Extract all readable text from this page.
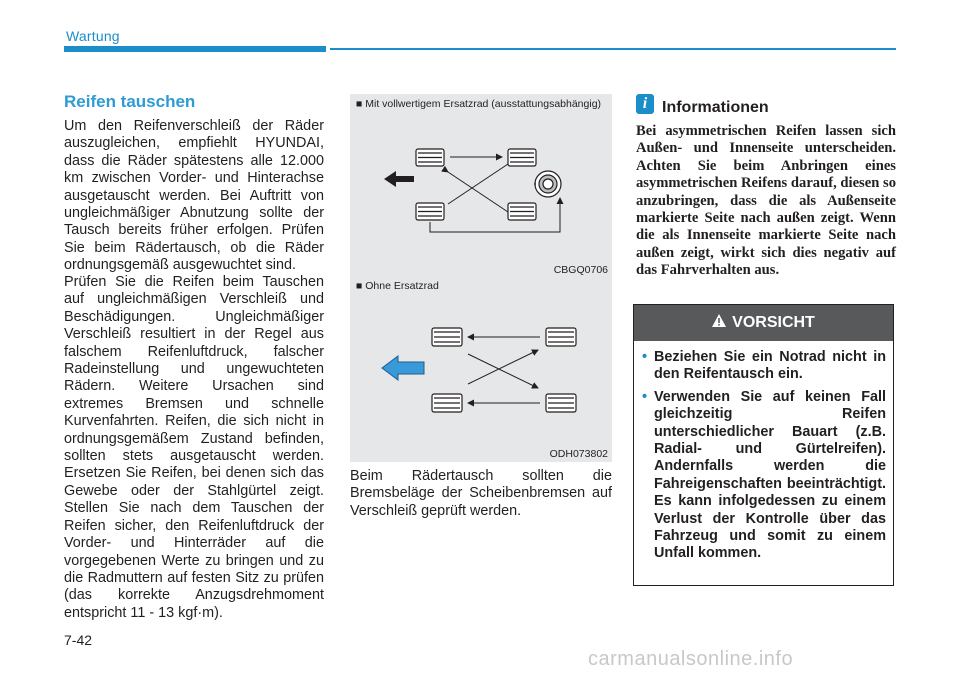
Wartung
Reifen tauschen
Um den Reifenverschleiß der Räder auszugleichen, empfiehlt HYUNDAI, dass die Räder spätestens alle 12.000 km zwischen Vorder- und Hinterachse ausgetauscht werden. Bei Auftritt von ungleichmäßiger Abnutzung sollte der Tausch bereits früher erfolgen. Prüfen Sie beim Rädertausch, ob die Räder ordnungsgemäß ausgewuchtet sind.
Prüfen Sie die Reifen beim Tauschen auf ungleichmäßigen Verschleiß und Beschädigungen. Ungleichmäßiger Verschleiß resultiert in der Regel aus falschem Reifenluftdruck, falscher Radeinstellung und ungewuchteten Rädern. Weitere Ursachen sind extremes Bremsen und schnelle Kurvenfahrten. Reifen, die sich nicht in ordnungsgemäßem Zustand befinden, sollten stets ausgetauscht werden. Ersetzen Sie Reifen, bei denen sich das Gewebe oder der Stahlgürtel zeigt. Stellen Sie nach dem Tauschen der Reifen sicher, den Reifenluftdruck der Vorder- und Hinterräder auf die vorgegebenen Werte zu bringen und zu die Radmuttern auf festen Sitz zu prüfen (das korrekte Anzugsdrehmoment entspricht 11 - 13 kgf·m).
■ Mit vollwertigem Ersatzrad (ausstattungsabhängig)
CBGQ0706
■ Ohne Ersatzrad
ODH073802
Beim Rädertausch sollten die Bremsbeläge der Scheibenbremsen auf Verschleiß geprüft werden.
i Informationen
Bei asymmetrischen Reifen lassen sich Außen- und Innenseite unterscheiden. Achten Sie beim Anbringen eines asymmetrischen Reifens darauf, diesen so anzubringen, dass die als Außenseite markierte Seite nach außen zeigt. Wenn die als Innenseite markierte Seite nach außen zeigt, wirkt sich dies negativ auf das Fahrverhalten aus.
VORSICHT
• Beziehen Sie ein Notrad nicht in den Reifentausch ein.
• Verwenden Sie auf keinen Fall gleichzeitig Reifen unterschiedlicher Bauart (z.B. Radial- und Gürtelreifen). Andernfalls werden die Fahreigenschaften beeinträchtigt. Es kann infolgedessen zu einem Verlust der Kontrolle über das Fahrzeug und somit zu einem Unfall kommen.
7-42
carmanualsonline.info
